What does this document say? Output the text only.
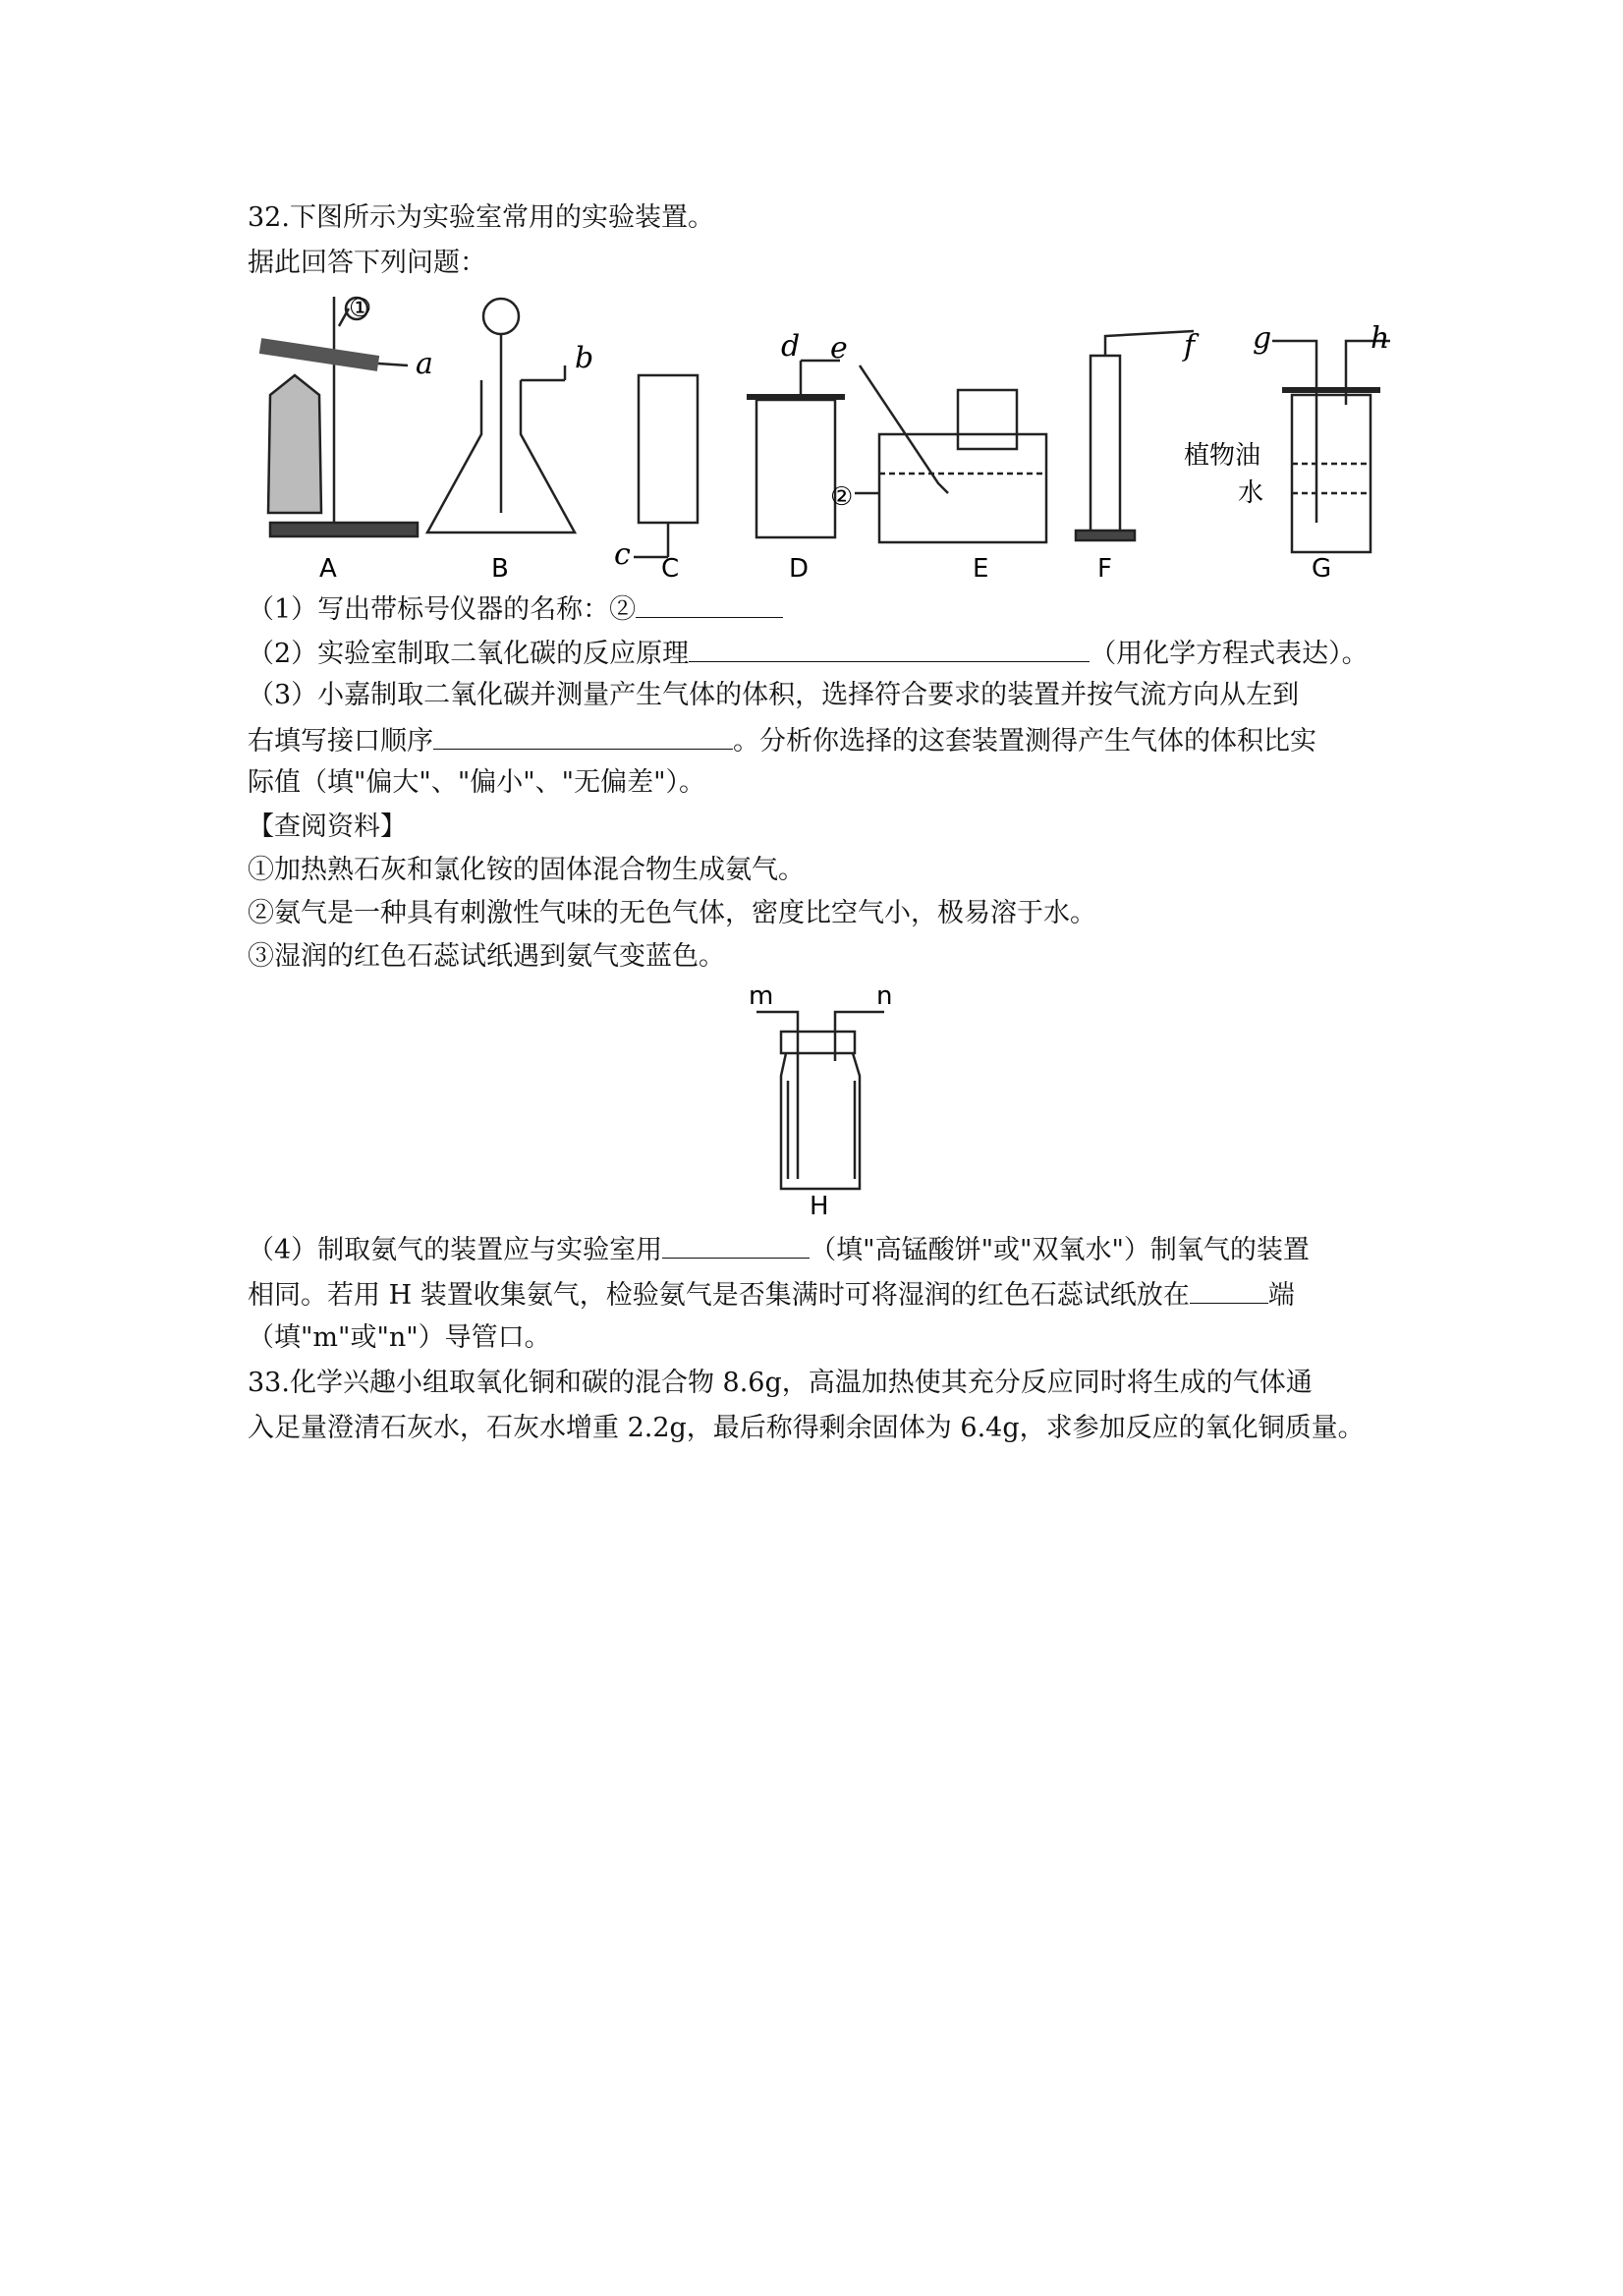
32.下图所示为实验室常用的实验装置。
据此回答下列问题：
A	B	C	D	E	F	G
a	b
c
d e	f g	h
①
②
植物油
水
（1）写出带标号仪器的名称：②
（2）实验室制取二氧化碳的反应原理	（用化学方程式表达）。
（3）小嘉制取二氧化碳并测量产生气体的体积，选择符合要求的装置并按气流方向从左到
右填写接口顺序	。分析你选择的这套装置测得产生气体的体积比实
际值（填"偏大"、"偏小"、"无偏差"）。
【查阅资料】
①加热熟石灰和氯化铵的固体混合物生成氨气。
②氨气是一种具有刺激性气味的无色气体，密度比空气小，极易溶于水。
③湿润的红色石蕊试纸遇到氨气变蓝色。
m	n
H
（4）制取氨气的装置应与实验室用	（填"高锰酸饼"或"双氧水"）制氧气的装置
相同。若用 H 装置收集氨气，检验氨气是否集满时可将湿润的红色石蕊试纸放在	端
（填"m"或"n"）导管口。
33.化学兴趣小组取氧化铜和碳的混合物 8.6g，高温加热使其充分反应同时将生成的气体通
入足量澄清石灰水，石灰水增重 2.2g，最后称得剩余固体为 6.4g，求参加反应的氧化铜质量。
